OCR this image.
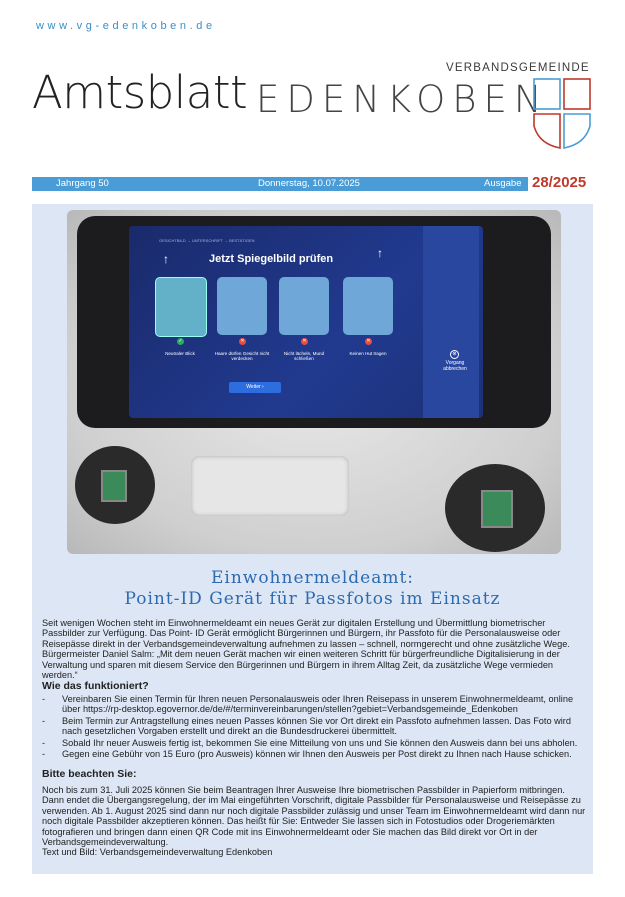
www.vg-edenkoben.de
Amtsblatt	VERBANDSGEMEINDE
EDENKOBEN
Jahrgang 50	Donnerstag, 10.07.2025	Ausgabe 28/2025
GESICHTBILD → UNTERSCHRIFT → BESTÄTIGEN
↑	Jetzt Spiegelbild prüfen	↑
✓
Neutraler Blick
✕
Haare dürfen Gesicht nicht verdecken
✕
Nicht lächeln, Mund schließen
✕
Keinen Hut tragen
Weiter ›
⊗
Vorgang abbrechen
Einwohnermeldeamt:
Point-ID Gerät für Passfotos im Einsatz
Seit wenigen Wochen steht im Einwohnermeldeamt ein neues Gerät zur digitalen Erstellung und Übermittlung biometrischer Passbilder zur Verfügung. Das Point- ID Gerät ermöglicht Bürgerinnen und Bürgern, ihr Passfoto für die Personalausweise oder Reisepässe direkt in der Verbandsgemeindeverwaltung aufnehmen zu lassen – schnell, normgerecht und ohne zusätzliche Wege.
Bürgermeister Daniel Salm: „Mit dem neuen Gerät machen wir einen weiteren Schritt für bürgerfreundliche Digitalisierung in der Verwaltung und sparen mit diesem Service den Bürgerinnen und Bürgern in ihrem Alltag Zeit, da zusätzliche Wege vermieden werden.“
Wie das funktioniert?
- Vereinbaren Sie einen Termin für Ihren neuen Personalausweis oder Ihren Reisepass in unserem Einwohnermeldeamt, online über https://rp-desktop.egovernor.de/de/#/terminvereinbarungen/stellen?gebiet=Verbandsgemeinde_Edenkoben
- Beim Termin zur Antragstellung eines neuen Passes können Sie vor Ort direkt ein Passfoto aufnehmen lassen. Das Foto wird nach gesetzlichen Vorgaben erstellt und direkt an die Bundesdruckerei übermittelt.
- Sobald Ihr neuer Ausweis fertig ist, bekommen Sie eine Mitteilung von uns und Sie können den Ausweis dann bei uns abholen.
- Gegen eine Gebühr von 15 Euro (pro Ausweis) können wir Ihnen den Ausweis per Post direkt zu Ihnen nach Hause schicken.
Bitte beachten Sie:
Noch bis zum 31. Juli 2025 können Sie beim Beantragen Ihrer Ausweise Ihre biometrischen Passbilder in Papierform mitbringen. Dann endet die Übergangsregelung, der im Mai eingeführten Vorschrift, digitale Passbilder für Personalausweise und Reisepässe zu verwenden. Ab 1. August 2025 sind dann nur noch digitale Passbilder zulässig und unser Team im Einwohnermeldeamt wird dann nur noch digitale Passbilder akzeptieren können. Das heißt für Sie: Entweder Sie lassen sich in Fotostudios oder Drogeriemärkten fotografieren und bringen dann einen QR Code mit ins Einwohnermeldeamt oder Sie machen das Bild direkt vor Ort in der Verbandsgemeindeverwaltung.
Text und Bild: Verbandsgemeindeverwaltung Edenkoben
